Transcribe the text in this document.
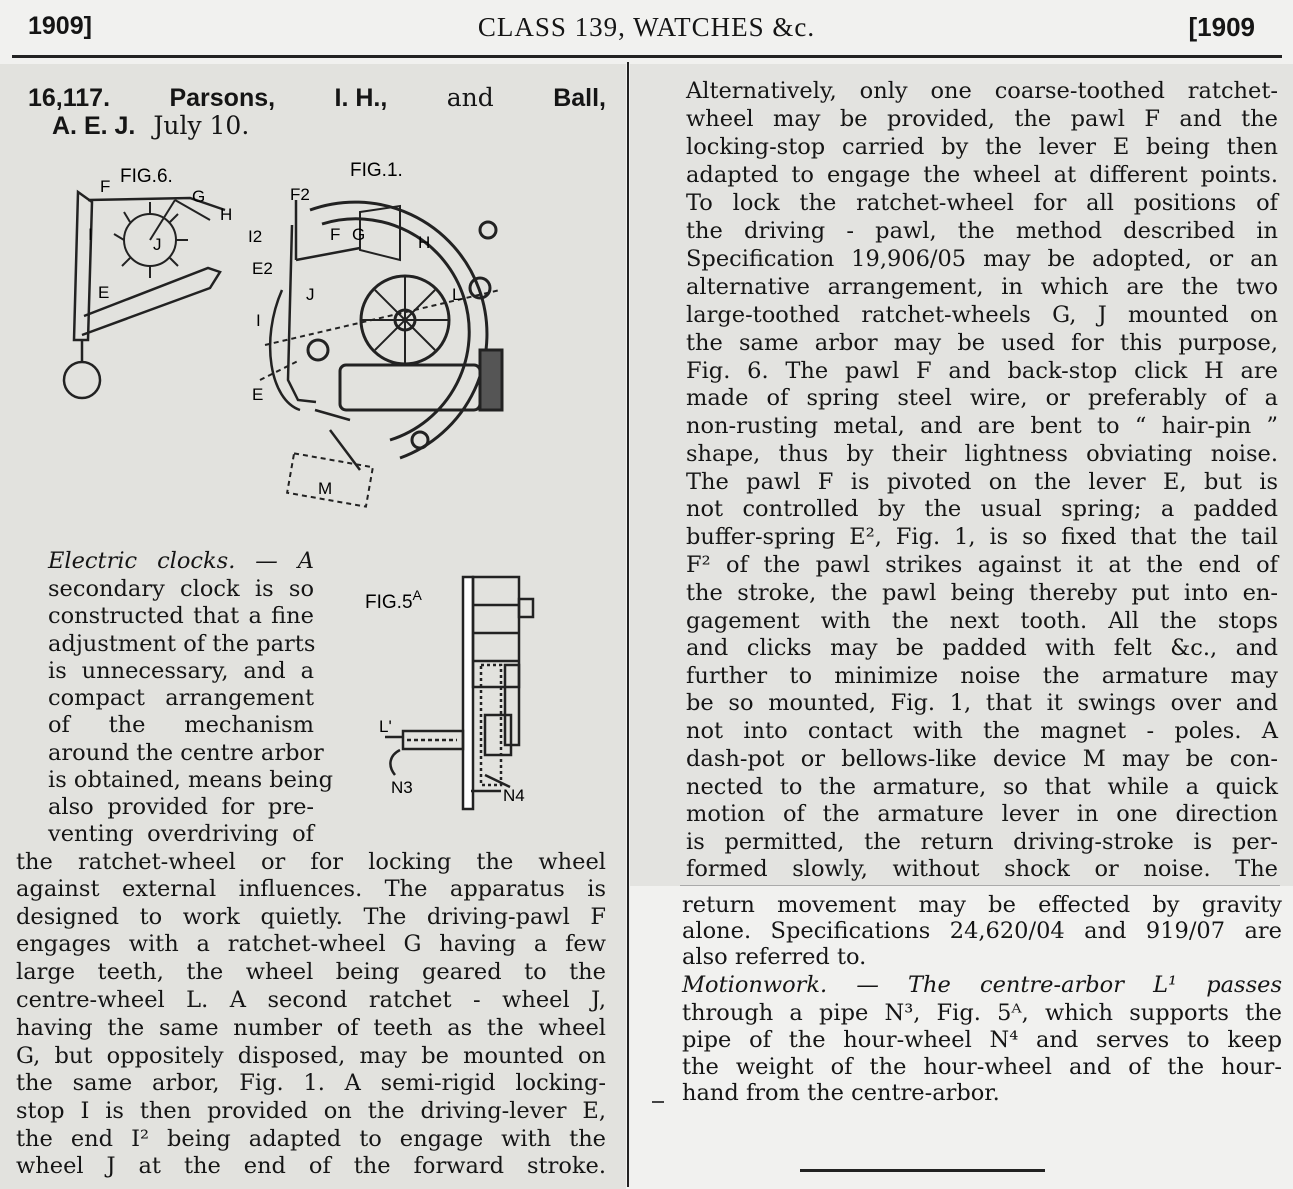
1909]	CLASS 139, WATCHES &c.	[1909
16,117. Parsons, I. H., and Ball,
A. E. J. July 10.
FIG.6.
F
G
H
I
J
E
FIG.1.
F2
F G	H
I2
E2
J	L
I
E
M
$FIG.5^A$
L'
N3	N4
Electric clocks. — A
secondary clock is so
constructed that a fine
adjustment of the parts
is unnecessary, and a
compact arrangement
of the mechanism
around the centre arbor
is obtained, means being
also provided for pre-
venting overdriving of
the ratchet-wheel or for locking the wheel
against external influences. The apparatus is
designed to work quietly. The driving-pawl F
engages with a ratchet-wheel G having a few
large teeth, the wheel being geared to the
centre-wheel L. A second ratchet - wheel J,
having the same number of teeth as the wheel
G, but oppositely disposed, may be mounted on
the same arbor, Fig. 1. A semi-rigid locking-
stop I is then provided on the driving-lever E,
the end I² being adapted to engage with the
wheel J at the end of the forward stroke.
Alternatively, only one coarse-toothed ratchet-
wheel may be provided, the pawl F and the
locking-stop carried by the lever E being then
adapted to engage the wheel at different points.
To lock the ratchet-wheel for all positions of
the driving - pawl, the method described in
Specification 19,906/05 may be adopted, or an
alternative arrangement, in which are the two
large-toothed ratchet-wheels G, J mounted on
the same arbor may be used for this purpose,
Fig. 6. The pawl F and back-stop click H are
made of spring steel wire, or preferably of a
non-rusting metal, and are bent to “ hair-pin ”
shape, thus by their lightness obviating noise.
The pawl F is pivoted on the lever E, but is
not controlled by the usual spring; a padded
buffer-spring E², Fig. 1, is so fixed that the tail
F² of the pawl strikes against it at the end of
the stroke, the pawl being thereby put into en-
gagement with the next tooth. All the stops
and clicks may be padded with felt &c., and
further to minimize noise the armature may
be so mounted, Fig. 1, that it swings over and
not into contact with the magnet - poles. A
dash-pot or bellows-like device M may be con-
nected to the armature, so that while a quick
motion of the armature lever in one direction
is permitted, the return driving-stroke is per-
formed slowly, without shock or noise. The
return movement may be effected by gravity
alone. Specifications 24,620/04 and 919/07 are
also referred to.
Motionwork. — The centre-arbor L¹ passes
through a pipe N³, Fig. 5ᴬ, which supports the
pipe of the hour-wheel N⁴ and serves to keep
the weight of the hour-wheel and of the hour-
hand from the centre-arbor.
